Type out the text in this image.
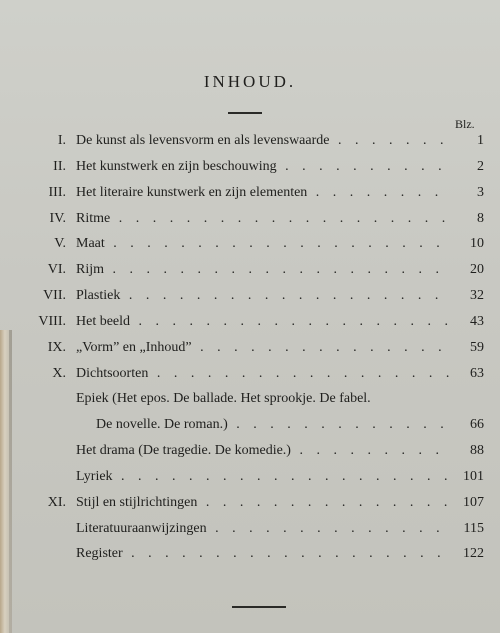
INHOUD.
Blz.
I. De kunst als levensvorm en als levenswaarde . . .	1
II. Het kunstwerk en zijn beschouwing . . .	2
III. Het literaire kunstwerk en zijn elementen . . .	3
IV. Ritme . . .	8
V. Maat . . .	10
VI. Rijm . . .	20
VII. Plastiek . . .	32
VIII. Het beeld . . .	43
IX. „Vorm” en „Inhoud” . . .	59
X. Dichtsoorten . . .	63
Epiek (Het epos. De ballade. Het sprookje. De fabel.
De novelle. De roman.) . . .	66
Het drama (De tragedie. De komedie.) . . .	88
Lyriek . . .	101
XI. Stijl en stijlrichtingen . . .	107
Literatuuraanwijzingen . . .	115
Register . . .	122
